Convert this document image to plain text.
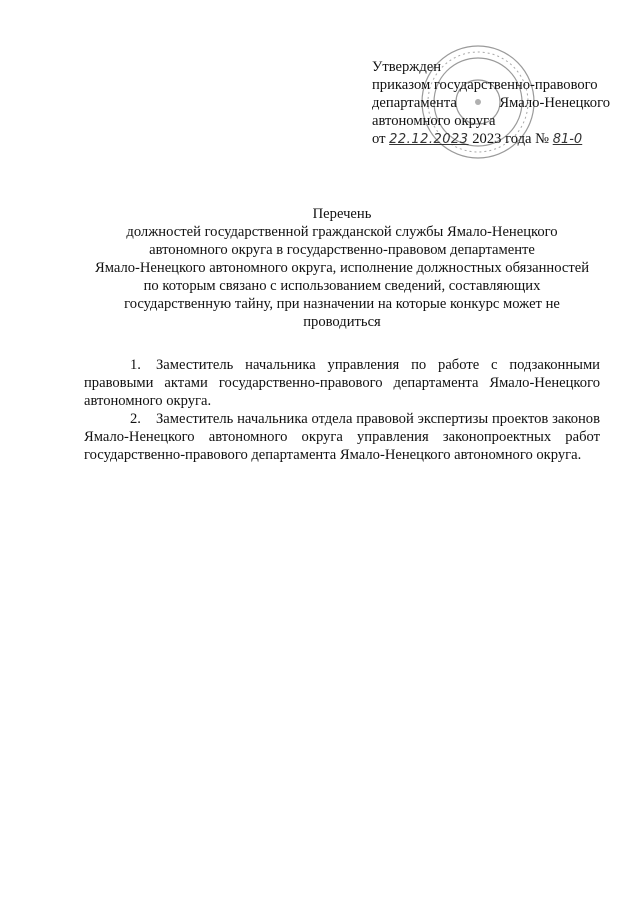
Утвержден
приказом государственно-правового
департамента	Ямало-Ненецкого
автономного округа
от 22.12.2023 2023 года № 81-0
Перечень
должностей государственной гражданской службы Ямало-Ненецкого
автономного округа в государственно-правовом департаменте
Ямало-Ненецкого автономного округа, исполнение должностных обязанностей
по которым связано с использованием сведений, составляющих
государственную тайну, при назначении на которые конкурс может не
проводиться

1. Заместитель начальника управления по работе с подзаконными правовыми актами государственно-правового департамента Ямало-Ненецкого автономного округа.

2. Заместитель начальника отдела правовой экспертизы проектов законов Ямало-Ненецкого автономного округа управления законопроектных работ государственно-правового департамента Ямало-Ненецкого автономного округа.
